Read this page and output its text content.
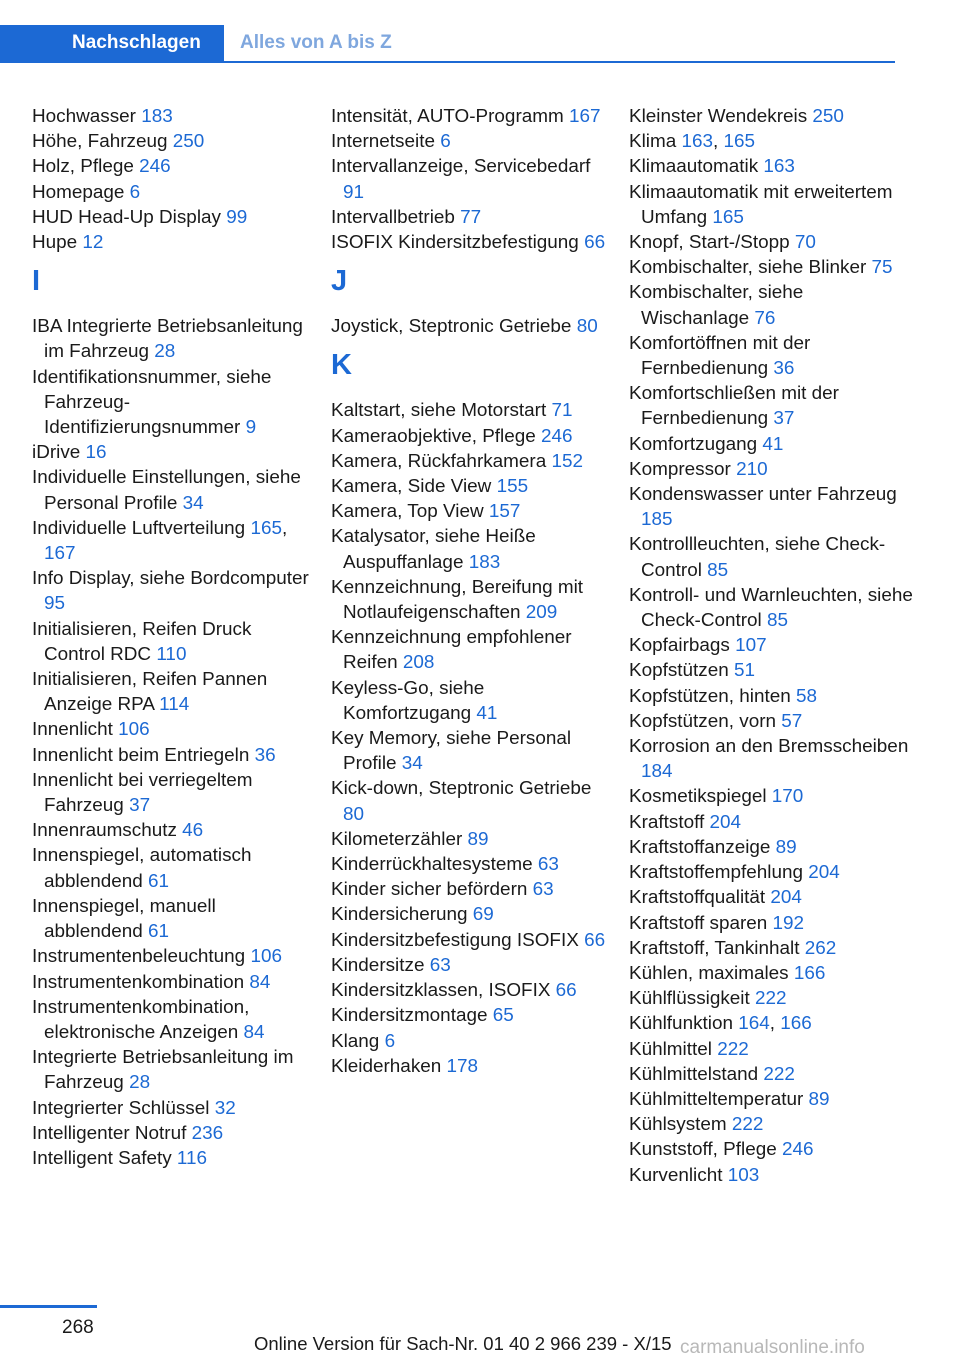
Nachschlagen	Alles von A bis Z
Hochwasser 183
Höhe, Fahrzeug 250
Holz, Pflege 246
Homepage 6
HUD Head-Up Display 99
Hupe 12
I
IBA Integrierte Betriebsanleitung im Fahrzeug 28
Identifikationsnummer, siehe Fahrzeug-Identifizierungsnummer 9
iDrive 16
Individuelle Einstellungen, siehe Personal Profile 34
Individuelle Luftverteilung 165, 167
Info Display, siehe Bordcomputer 95
Initialisieren, Reifen Druck Control RDC 110
Initialisieren, Reifen Pannen Anzeige RPA 114
Innenlicht 106
Innenlicht beim Entriegeln 36
Innenlicht bei verriegeltem Fahrzeug 37
Innenraumschutz 46
Innenspiegel, automatisch abblendend 61
Innenspiegel, manuell abblendend 61
Instrumentenbeleuchtung 106
Instrumentenkombination 84
Instrumentenkombination, elektronische Anzeigen 84
Integrierte Betriebsanleitung im Fahrzeug 28
Integrierter Schlüssel 32
Intelligenter Notruf 236
Intelligent Safety 116
Intensität, AUTO-Programm 167
Internetseite 6
Intervallanzeige, Servicebedarf 91
Intervallbetrieb 77
ISOFIX Kindersitzbefestigung 66
J
Joystick, Steptronic Getriebe 80
K
Kaltstart, siehe Motorstart 71
Kameraobjektive, Pflege 246
Kamera, Rückfahrkamera 152
Kamera, Side View 155
Kamera, Top View 157
Katalysator, siehe Heiße Auspuffanlage 183
Kennzeichnung, Bereifung mit Notlaufeigenschaften 209
Kennzeichnung empfohlener Reifen 208
Keyless-Go, siehe Komfortzugang 41
Key Memory, siehe Personal Profile 34
Kick-down, Steptronic Getriebe 80
Kilometerzähler 89
Kinderrückhaltesysteme 63
Kinder sicher befördern 63
Kindersicherung 69
Kindersitzbefestigung ISOFIX 66
Kindersitze 63
Kindersitzklassen, ISOFIX 66
Kindersitzmontage 65
Klang 6
Kleiderhaken 178
Kleinster Wendekreis 250
Klima 163, 165
Klimaautomatik 163
Klimaautomatik mit erweitertem Umfang 165
Knopf, Start-/Stopp 70
Kombischalter, siehe Blinker 75
Kombischalter, siehe Wischanlage 76
Komfortöffnen mit der Fernbedienung 36
Komfortschließen mit der Fernbedienung 37
Komfortzugang 41
Kompressor 210
Kondenswasser unter Fahrzeug 185
Kontrollleuchten, siehe Check-Control 85
Kontroll- und Warnleuchten, siehe Check-Control 85
Kopfairbags 107
Kopfstützen 51
Kopfstützen, hinten 58
Kopfstützen, vorn 57
Korrosion an den Bremsscheiben 184
Kosmetikspiegel 170
Kraftstoff 204
Kraftstoffanzeige 89
Kraftstoffempfehlung 204
Kraftstoffqualität 204
Kraftstoff sparen 192
Kraftstoff, Tankinhalt 262
Kühlen, maximales 166
Kühlflüssigkeit 222
Kühlfunktion 164, 166
Kühlmittel 222
Kühlmittelstand 222
Kühlmitteltemperatur 89
Kühlsystem 222
Kunststoff, Pflege 246
Kurvenlicht 103
268
Online Version für Sach-Nr. 01 40 2 966 239 - X/15 carmanualsonline.info
